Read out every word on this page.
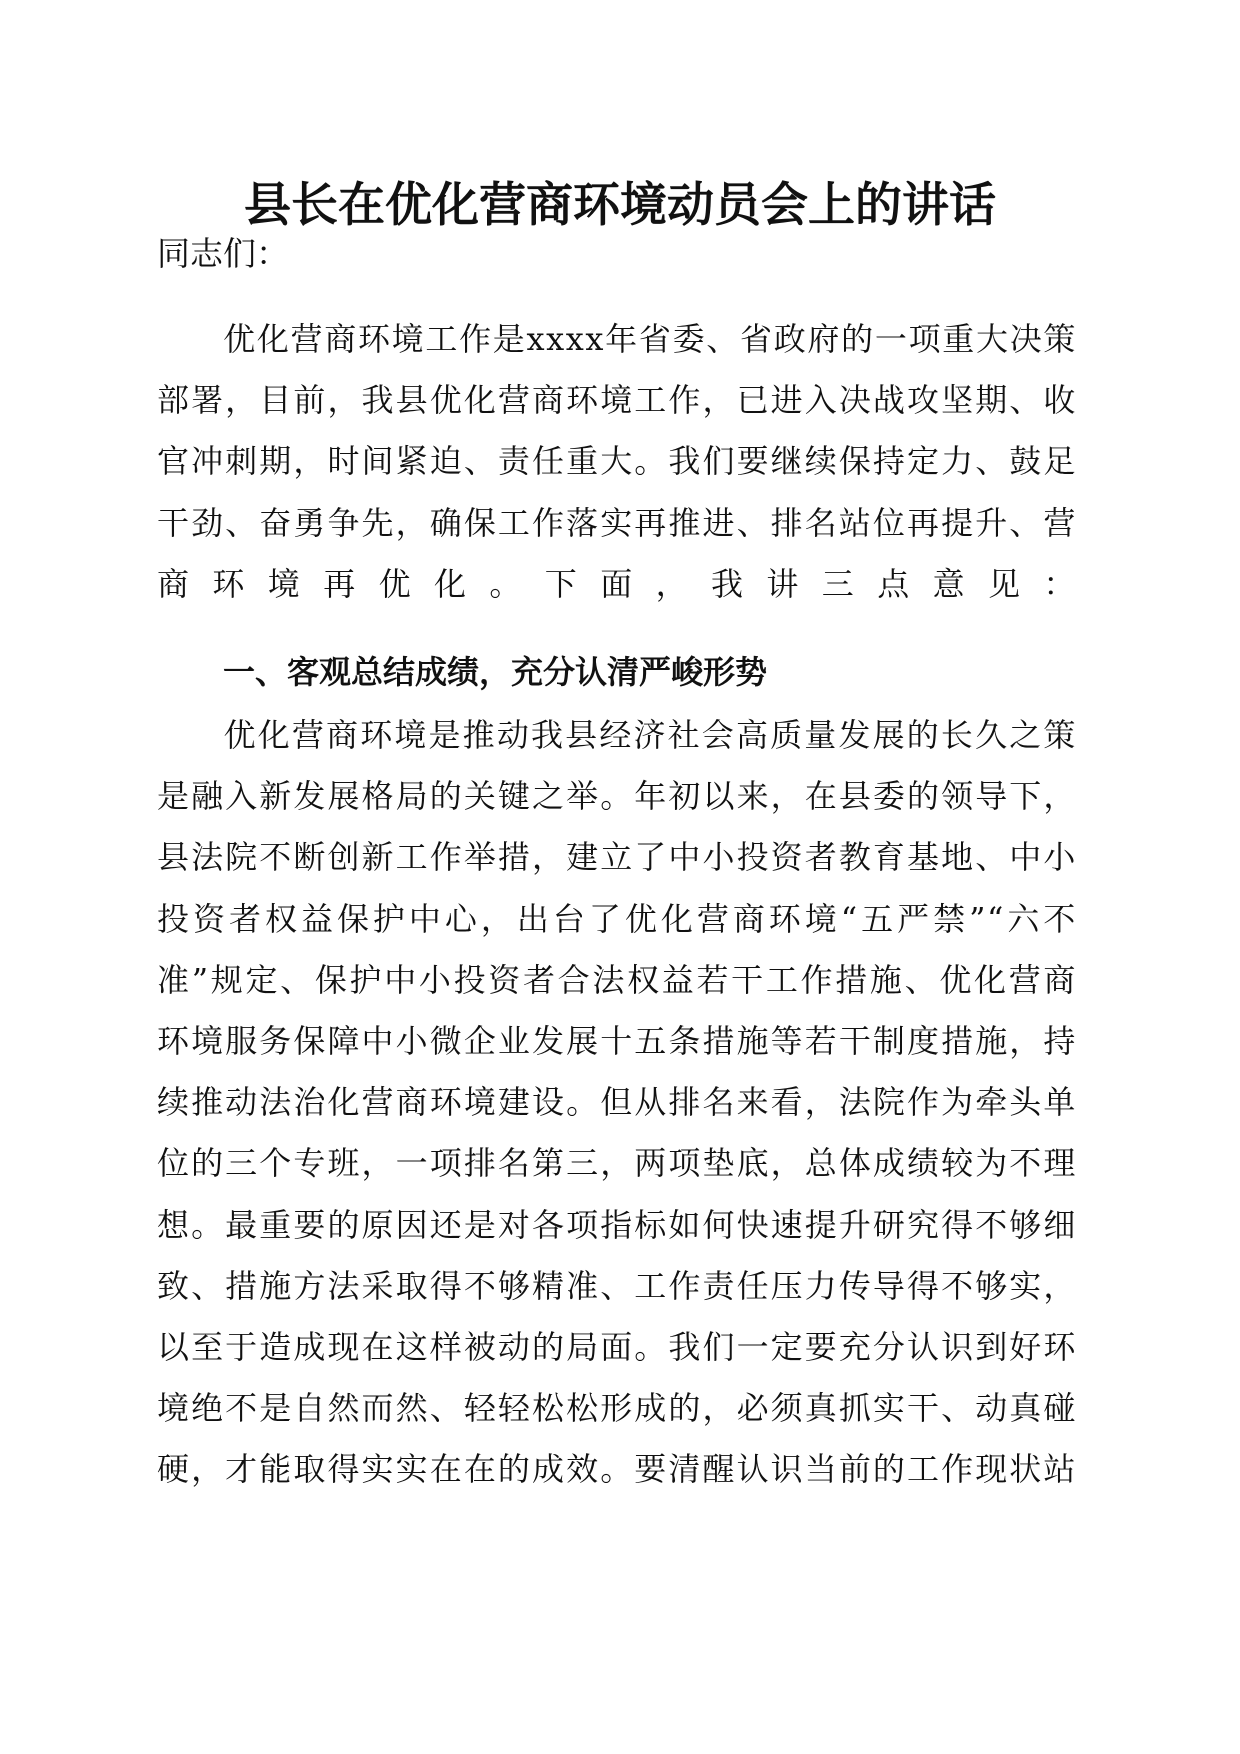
县长在优化营商环境动员会上的讲话
同志们：

优化营商环境工作是xxxx年省委、省政府的一项重大决策部署，目前，我县优化营商环境工作，已进入决战攻坚期、收官冲刺期，时间紧迫、责任重大。我们要继续保持定力、鼓足干劲、奋勇争先，确保工作落实再推进、排名站位再提升、营商环境再优化。下面，我讲三点意见：

一、客观总结成绩，充分认清严峻形势

优化营商环境是推动我县经济社会高质量发展的长久之策是融入新发展格局的关键之举。年初以来，在县委的领导下，县法院不断创新工作举措，建立了中小投资者教育基地、中小投资者权益保护中心，出台了优化营商环境“五严禁”“六不准”规定、保护中小投资者合法权益若干工作措施、优化营商环境服务保障中小微企业发展十五条措施等若干制度措施，持续推动法治化营商环境建设。但从排名来看，法院作为牵头单位的三个专班，一项排名第三，两项垫底，总体成绩较为不理想。最重要的原因还是对各项指标如何快速提升研究得不够细致、措施方法采取得不够精准、工作责任压力传导得不够实，以至于造成现在这样被动的局面。我们一定要充分认识到好环境绝不是自然而然、轻轻松松形成的，必须真抓实干、动真碰硬，才能取得实实在在的成效。要清醒认识当前的工作现状站
